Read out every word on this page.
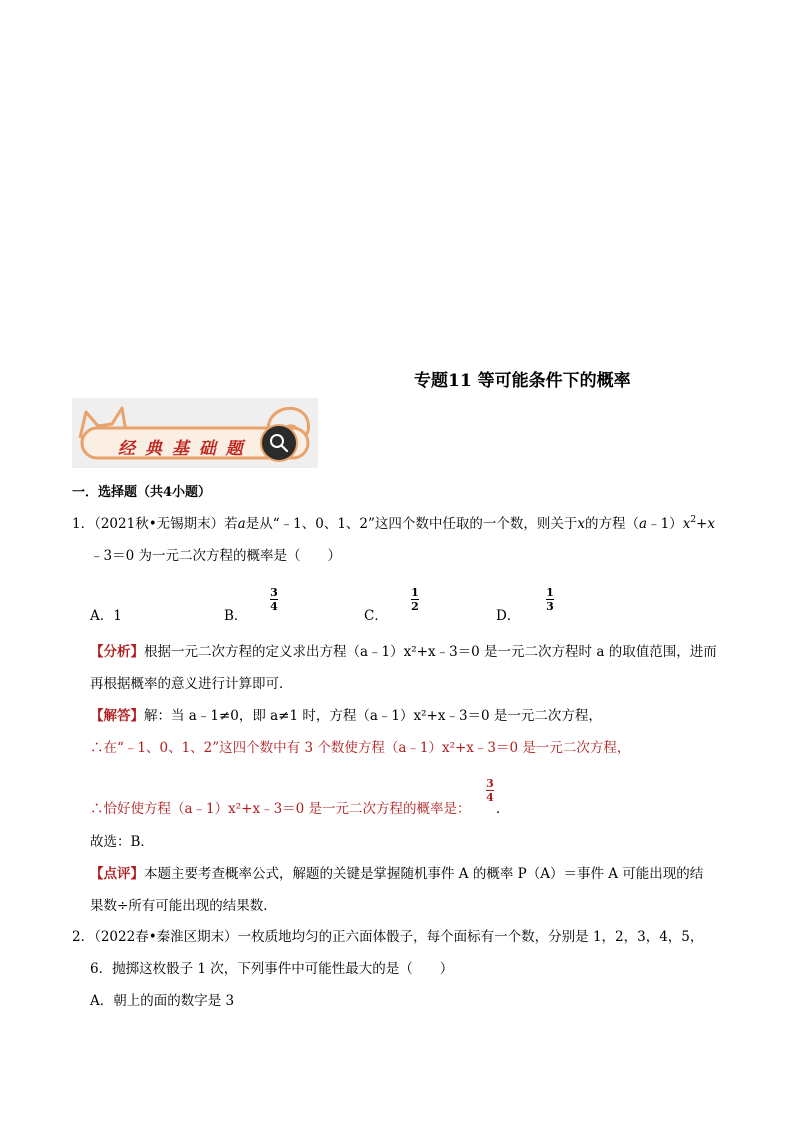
专题11 等可能条件下的概率
经 典 基 础 题
一．选择题（共4小题）
1．（2021秋•无锡期末）若a是从“﹣1、0、1、2”这四个数中任取的一个数，则关于x的方程$(a﹣1)x^2+x$
﹣3＝0 为一元二次方程的概率是（　　）
A．1	B．
3
4
C．
1
2
D．
1
3
【分析】根据一元二次方程的定义求出方程（a﹣1）x²+x﹣3＝0 是一元二次方程时 a 的取值范围，进而
再根据概率的意义进行计算即可．
【解答】解：当 a﹣1≠0，即 a≠1 时，方程（a﹣1）x²+x﹣3＝0 是一元二次方程，
∴在“﹣1、0、1、2”这四个数中有 3 个数使方程（a﹣1）x²+x﹣3＝0 是一元二次方程，
∴恰好使方程（a﹣1）x²+x﹣3＝0 是一元二次方程的概率是：
3
4
．
故选：B．
【点评】本题主要考查概率公式，解题的关键是掌握随机事件 A 的概率 P（A）＝事件 A 可能出现的结
果数÷所有可能出现的结果数．
2．（2022春•秦淮区期末）一枚质地均匀的正六面体骰子，每个面标有一个数，分别是 1，2，3，4，5，
6．抛掷这枚骰子 1 次，下列事件中可能性最大的是（　　）
A．朝上的面的数字是 3
